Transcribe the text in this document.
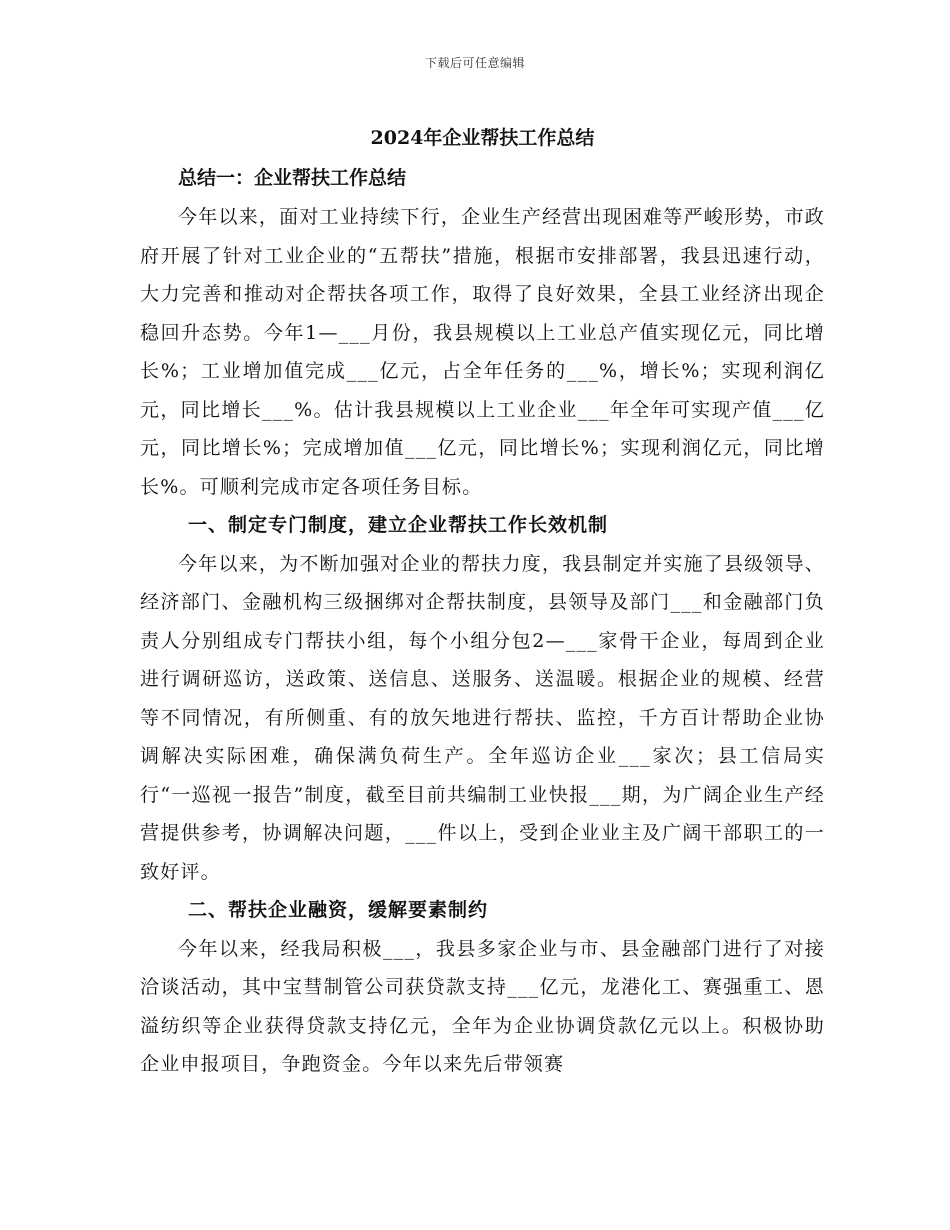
下载后可任意编辑
2024年企业帮扶工作总结
总结一：企业帮扶工作总结

今年以来，面对工业持续下行，企业生产经营出现困难等严峻形势，市政府开展了针对工业企业的“五帮扶”措施，根据市安排部署，我县迅速行动，大力完善和推动对企帮扶各项工作，取得了良好效果，全县工业经济出现企稳回升态势。今年1—___月份，我县规模以上工业总产值实现亿元，同比增长%；工业增加值完成___亿元，占全年任务的___%，增长%；实现利润亿元，同比增长___%。估计我县规模以上工业企业___年全年可实现产值___亿元，同比增长%；完成增加值___亿元，同比增长%；实现利润亿元，同比增长%。可顺利完成市定各项任务目标。

一、制定专门制度，建立企业帮扶工作长效机制

今年以来，为不断加强对企业的帮扶力度，我县制定并实施了县级领导、经济部门、金融机构三级捆绑对企帮扶制度，县领导及部门___和金融部门负责人分别组成专门帮扶小组，每个小组分包2—___家骨干企业，每周到企业进行调研巡访，送政策、送信息、送服务、送温暖。根据企业的规模、经营等不同情况，有所侧重、有的放矢地进行帮扶、监控，千方百计帮助企业协调解决实际困难，确保满负荷生产。全年巡访企业___家次；县工信局实行“一巡视一报告”制度，截至目前共编制工业快报___期，为广阔企业生产经营提供参考，协调解决问题，___件以上，受到企业业主及广阔干部职工的一致好评。

二、帮扶企业融资，缓解要素制约

今年以来，经我局积极___，我县多家企业与市、县金融部门进行了对接洽谈活动，其中宝彗制管公司获贷款支持___亿元，龙港化工、赛强重工、恩溢纺织等企业获得贷款支持亿元，全年为企业协调贷款亿元以上。积极协助企业申报项目，争跑资金。今年以来先后带领赛
